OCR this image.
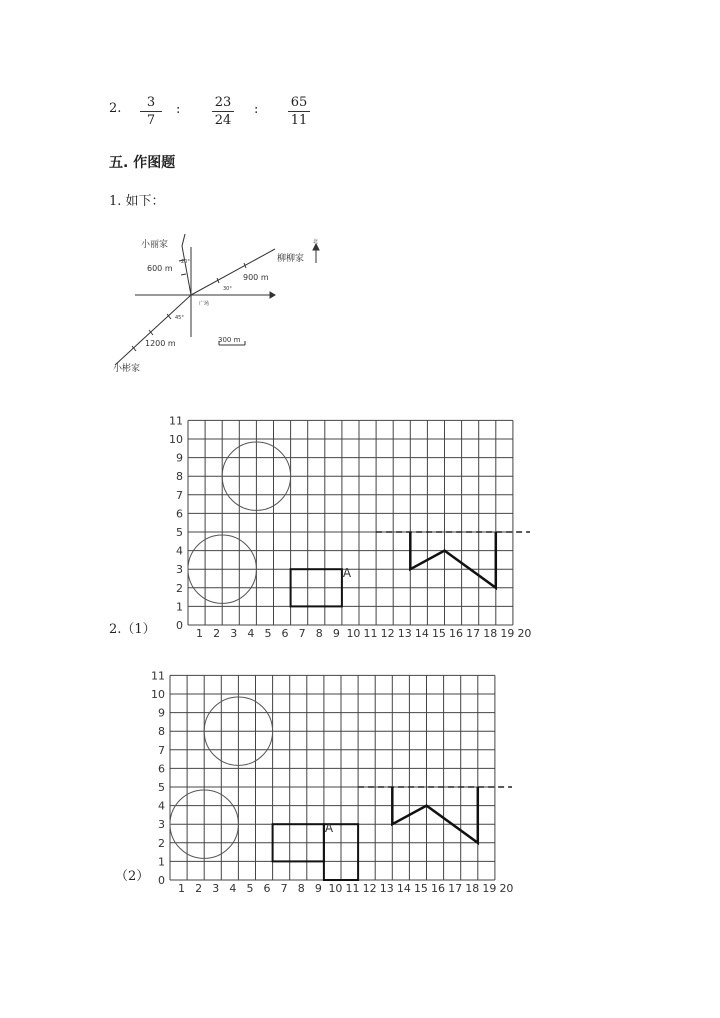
2.	3
7
:	23
24
:	65
11
五. 作图题
1. 如下：
小丽家
柳柳家
小彬家
广场
北
600 m
900 m
1200 m
20°
30°
45°
300 m
2.（1）
（2）
1 2 3 4 5 6 7 8 9 10 11 12 13 14 15 16 17 18 19 20
0
1
2
3
4
5
6
7
8
9
10
11
A
1 2 3 4 5 6 7 8 9 10 11 12 13 14 15 16 17 18 19 20
0
1
2
3
4
5
6
7
8
9
10
11
A
